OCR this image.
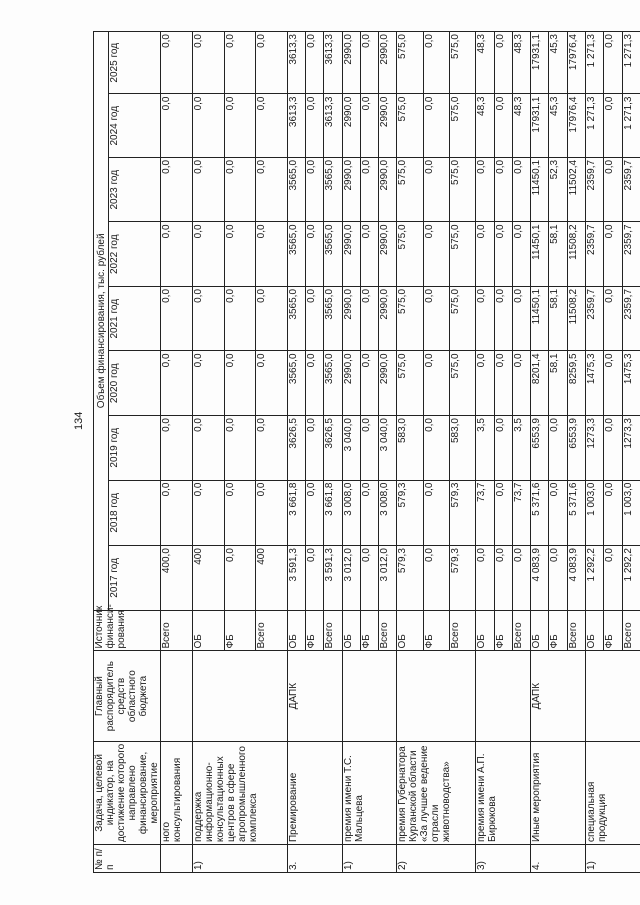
134
№ п/п	Задача, целевой индикатор, на достижение которого направлено финансирование, мероприятие	Главный распорядитель средств областного бюджета	Источник финанси-рования	Объем финансирования, тыс. рублей								
				2017 год	2018 год	2019 год	2020 год	2021 год	2022 год	2023 год	2024 год	2025 год
	ного консультирования		Всего	400,0	0,0	0,0	0,0	0,0	0,0	0,0	0,0	0,0
1)	поддержка информационно-консультационных центров в сфере агропромышленного комплекса		ОБ	400	0,0	0,0	0,0	0,0	0,0	0,0	0,0	0,0
			ФБ	0,0	0,0	0,0	0,0	0,0	0,0	0,0	0,0	0,0
			Всего	400	0,0	0,0	0,0	0,0	0,0	0,0	0,0	0,0
3.	Премирование	ДАПК	ОБ	3 591,3	3 661,8	3626,5	3565,0	3565,0	3565,0	3565,0	3613,3	3613,3
			ФБ	0,0	0,0	0,0	0,0	0,0	0,0	0,0	0,0	0,0
			Всего	3 591,3	3 661,8	3626,5	3565,0	3565,0	3565,0	3565,0	3613,3	3613,3
1)	премия имени Т.С. Мальцева		ОБ	3 012,0	3 008,0	3 040,0	2990,0	2990,0	2990,0	2990,0	2990,0	2990,0
			ФБ	0,0	0,0	0,0	0,0	0,0	0,0	0,0	0,0	0,0
			Всего	3 012,0	3 008,0	3 040,0	2990,0	2990,0	2990,0	2990,0	2990,0	2990,0
2)	премия Губернатора Курганской области «За лучшее ведение отрасли животноводства»		ОБ	579,3	579,3	583,0	575,0	575,0	575,0	575,0	575,0	575,0
			ФБ	0,0	0,0	0,0	0,0	0,0	0,0	0,0	0,0	0,0
			Всего	579,3	579,3	583,0	575,0	575,0	575,0	575,0	575,0	575,0
3)	премия имени А.П. Бирюкова		ОБ	0,0	73,7	3,5	0,0	0,0	0,0	0,0	48,3	48,3
			ФБ	0,0	0,0	0,0	0,0	0,0	0,0	0,0	0,0	0,0
			Всего	0,0	73,7	3,5	0,0	0,0	0,0	0,0	48,3	48,3
4.	Иные мероприятия	ДАПК	ОБ	4 083,9	5 371,6	6553,9	8201,4	11450,1	11450,1	11450,1	17931,1	17931,1
			ФБ	0,0	0,0	0,0	58,1	58,1	58,1	52,3	45,3	45,3
			Всего	4 083,9	5 371,6	6553,9	8259,5	11508,2	11508,2	11502,4	17976,4	17976,4
1)	специальная продукция		ОБ	1 292,2	1 003,0	1273,3	1475,3	2359,7	2359,7	2359,7	1 271,3	1 271,3
			ФБ	0,0	0,0	0,0	0,0	0,0	0,0	0,0	0,0	0,0
			Всего	1 292,2	1 003,0	1273,3	1475,3	2359,7	2359,7	2359,7	1 271,3	1 271,3
